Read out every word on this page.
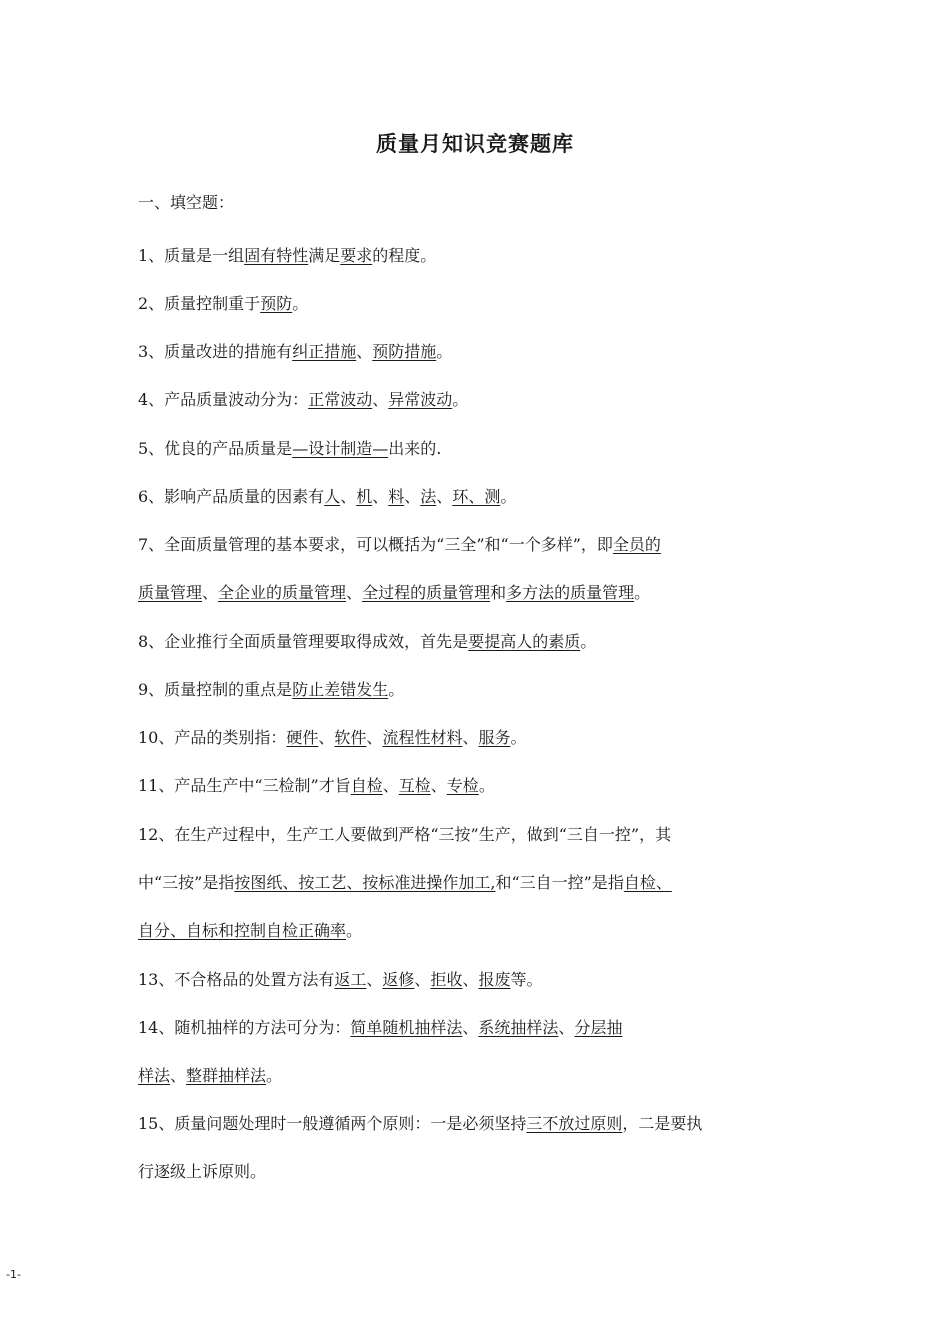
质量月知识竞赛题库
一、填空题：
1、质量是一组固有特性满足要求的程度。
2、质量控制重于预防。
3、质量改进的措施有纠正措施、预防措施。
4、产品质量波动分为：正常波动、异常波动。
5、优良的产品质量是—设计制造—出来的.
6、影响产品质量的因素有人、机、料、法、环、测。
7、全面质量管理的基本要求，可以概括为“三全”和“一个多样”，即全员的
质量管理、全企业的质量管理、全过程的质量管理和多方法的质量管理。
8、企业推行全面质量管理要取得成效，首先是要提高人的素质。
9、质量控制的重点是防止差错发生。
10、产品的类别指：硬件、软件、流程性材料、服务。
11、产品生产中“三检制”才旨自检、互检、专检。
12、在生产过程中，生产工人要做到严格“三按”生产，做到“三自一控”，其
中“三按”是指按图纸、按工艺、按标准进操作加工,和“三自一控”是指自检、
自分、自标和控制自检正确率。
13、不合格品的处置方法有返工、返修、拒收、报废等。
14、随机抽样的方法可分为：简单随机抽样法、系统抽样法、分层抽
样法、整群抽样法。
15、质量问题处理时一般遵循两个原则：一是必须坚持三不放过原则，二是要执
行逐级上诉原则。
-1-
